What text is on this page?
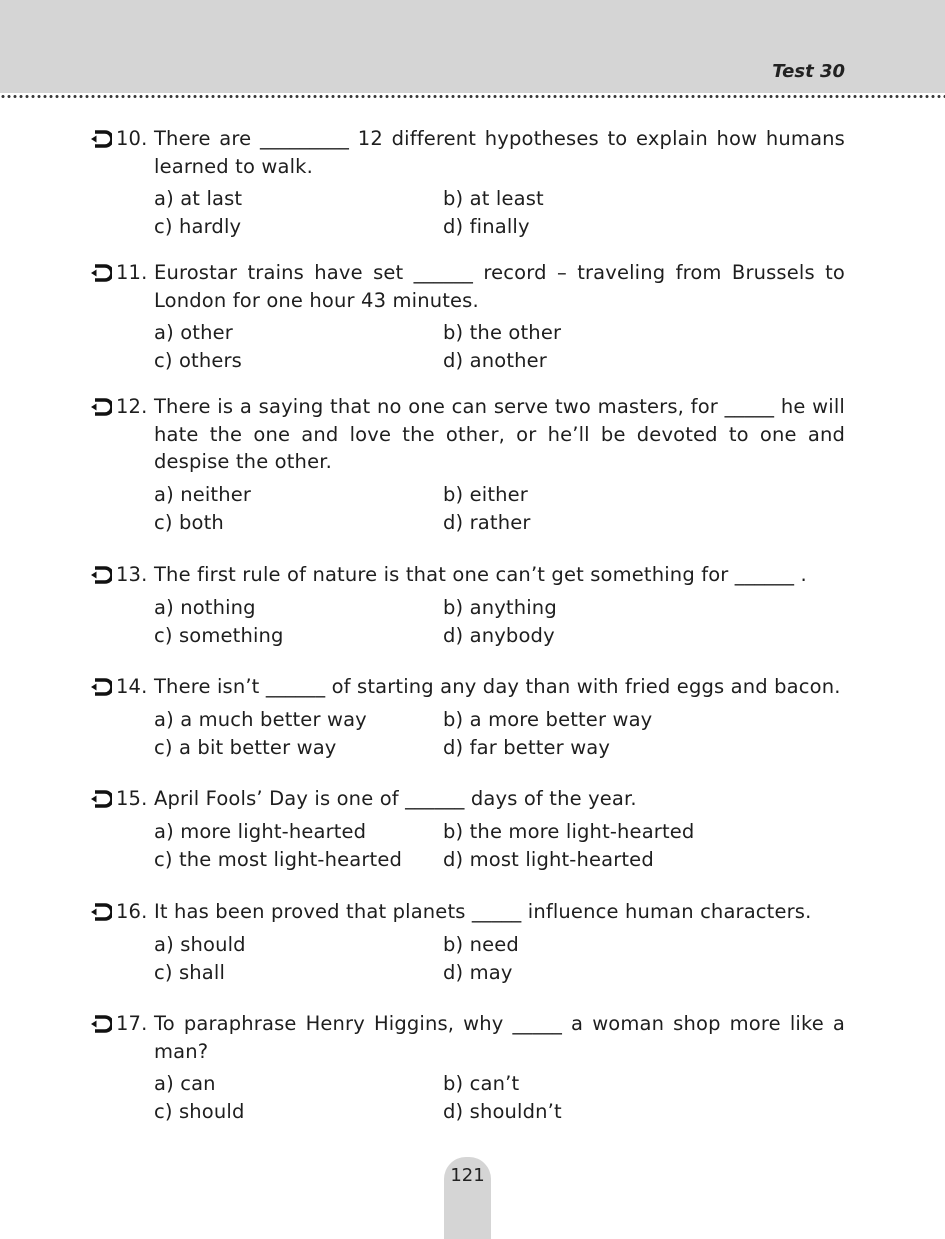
Test 30
10. There are _________ 12 different hypotheses to explain how humans learned to walk.
a) at last	b) at least
c) hardly	d) finally
11. Eurostar trains have set ______ record – traveling from Brussels to London for one hour 43 minutes.
a) other	b) the other
c) others	d) another
12. There is a saying that no one can serve two masters, for _____ he will hate the one and love the other, or he’ll be devoted to one and despise the other.
a) neither	b) either
c) both	d) rather
13. The first rule of nature is that one can’t get something for ______ .
a) nothing	b) anything
c) something	d) anybody
14. There isn’t ______ of starting any day than with fried eggs and bacon.
a) a much better way	b) a more better way
c) a bit better way	d) far better way
15. April Fools’ Day is one of ______ days of the year.
a) more light-hearted	b) the more light-hearted
c) the most light-hearted	d) most light-hearted
16. It has been proved that planets _____ influence human characters.
a) should	b) need
c) shall	d) may
17. To paraphrase Henry Higgins, why _____ a woman shop more like a man?
a) can	b) can’t
c) should	d) shouldn’t
121
